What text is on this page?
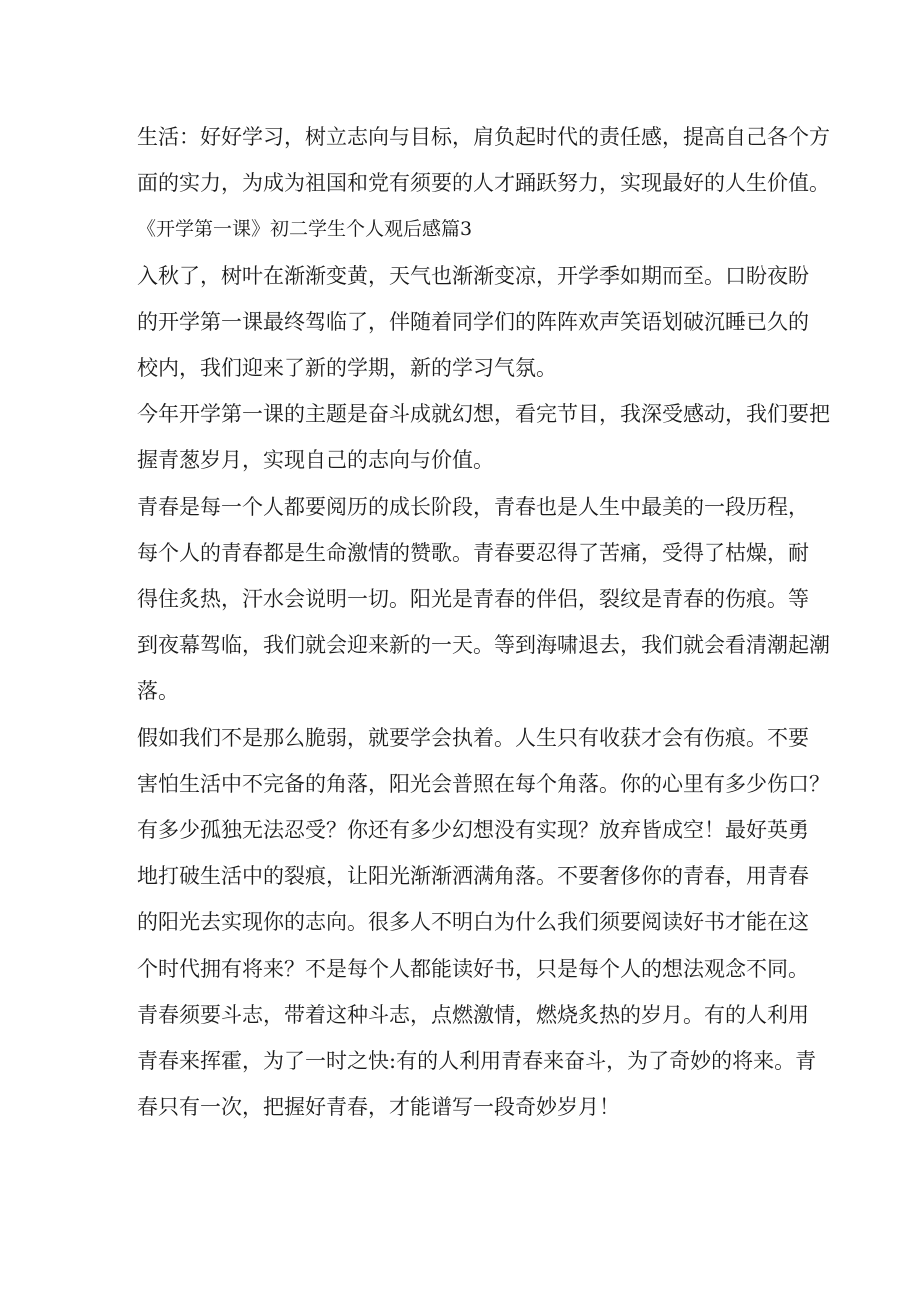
生活：好好学习，树立志向与目标，肩负起时代的责任感，提高自己各个方
面的实力，为成为祖国和党有须要的人才踊跃努力，实现最好的人生价值。
《开学第一课》初二学生个人观后感篇3
入秋了，树叶在渐渐变黄，天气也渐渐变凉，开学季如期而至。口盼夜盼
的开学第一课最终驾临了，伴随着同学们的阵阵欢声笑语划破沉睡已久的
校内，我们迎来了新的学期，新的学习气氛。
今年开学第一课的主题是奋斗成就幻想，看完节目，我深受感动，我们要把
握青葱岁月，实现自己的志向与价值。
青春是每一个人都要阅历的成长阶段，青春也是人生中最美的一段历程，
每个人的青春都是生命激情的赞歌。青春要忍得了苦痛，受得了枯燥，耐
得住炙热，汗水会说明一切。阳光是青春的伴侣，裂纹是青春的伤痕。等
到夜幕驾临，我们就会迎来新的一天。等到海啸退去，我们就会看清潮起潮
落。
假如我们不是那么脆弱，就要学会执着。人生只有收获才会有伤痕。不要
害怕生活中不完备的角落，阳光会普照在每个角落。你的心里有多少伤口？
有多少孤独无法忍受？你还有多少幻想没有实现？放弃皆成空！最好英勇
地打破生活中的裂痕，让阳光渐渐洒满角落。不要奢侈你的青春，用青春
的阳光去实现你的志向。很多人不明白为什么我们须要阅读好书才能在这
个时代拥有将来？不是每个人都能读好书，只是每个人的想法观念不同。
青春须要斗志，带着这种斗志，点燃激情，燃烧炙热的岁月。有的人利用
青春来挥霍，为了一时之快:有的人利用青春来奋斗，为了奇妙的将来。青
春只有一次，把握好青春，才能谱写一段奇妙岁月！
